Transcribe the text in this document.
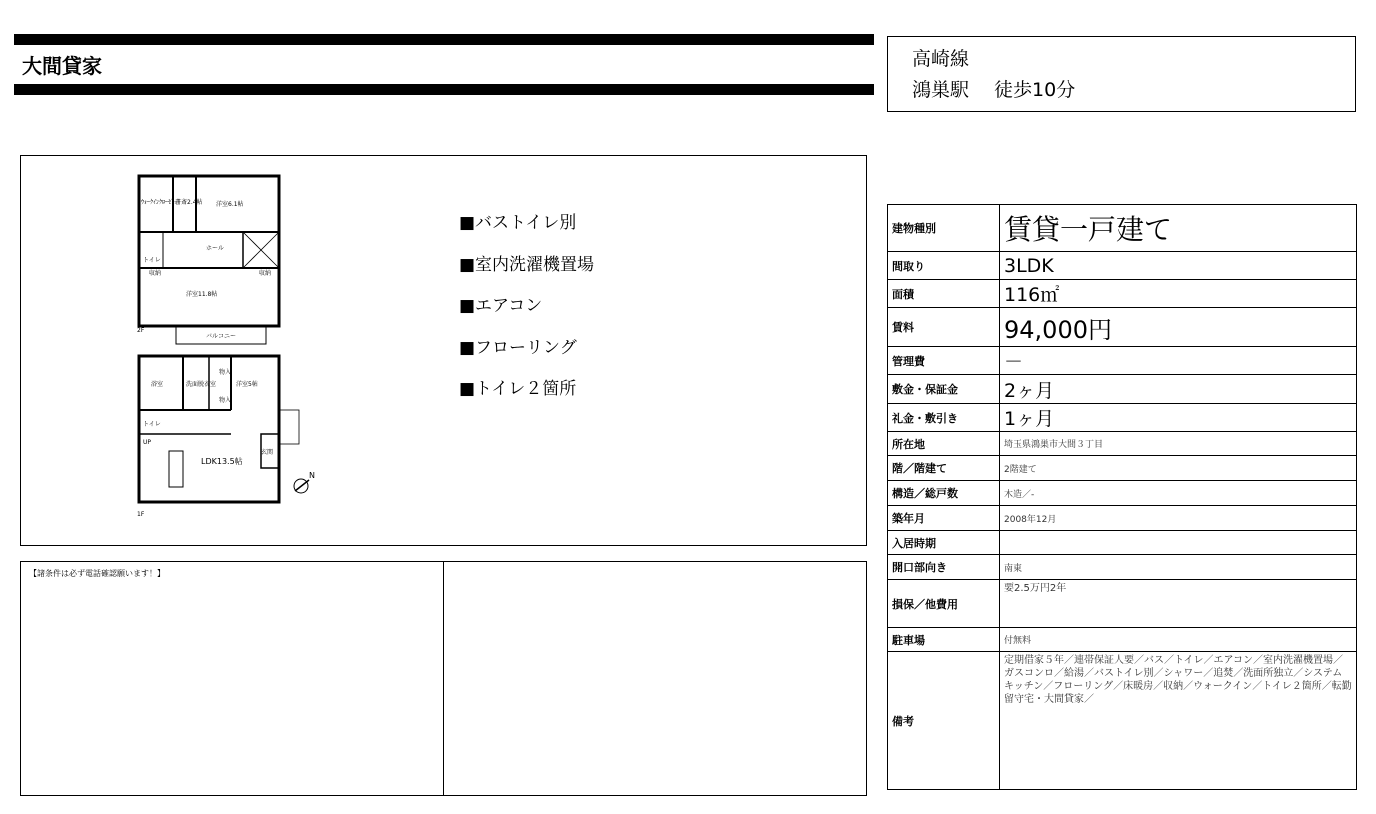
大間貸家	高崎線
鴻巣駅　 徒歩10分
ｳｫｰｸｲﾝｸﾛｰｾﾞｯﾄ
書斎2.4帖 洋室6.1帖
ホール
トイレ
収納	収納
洋室11.8帖
バルコニー
2F
浴室	洗面脱衣室	洋室5帖
物入
物入
トイレ
LDK13.5帖
玄関
UP
1F
N
■バストイレ別
■室内洗濯機置場
■エアコン
■フローリング
■トイレ２箇所
【諸条件は必ず電話確認願います！】
建物種別	賃貸一戸建て
間取り	3LDK
面積	116㎡
賃料	94,000円
管理費	－
敷金・保証金	2ヶ月
礼金・敷引き	1ヶ月
所在地	埼玉県鴻巣市大間３丁目
階／階建て	2階建て
構造／総戸数	木造／-
築年月	2008年12月
入居時期	
開口部向き	南東
損保／他費用	要2.5万円2年
駐車場	付無料
備考	定期借家５年／連帯保証人要／バス／トイレ／エアコン／室内洗濯機置場／ガスコンロ／給湯／バストイレ別／シャワー／追焚／洗面所独立／システムキッチン／フローリング／床暖房／収納／ウォークイン／トイレ２箇所／転勤留守宅・大間貸家／
